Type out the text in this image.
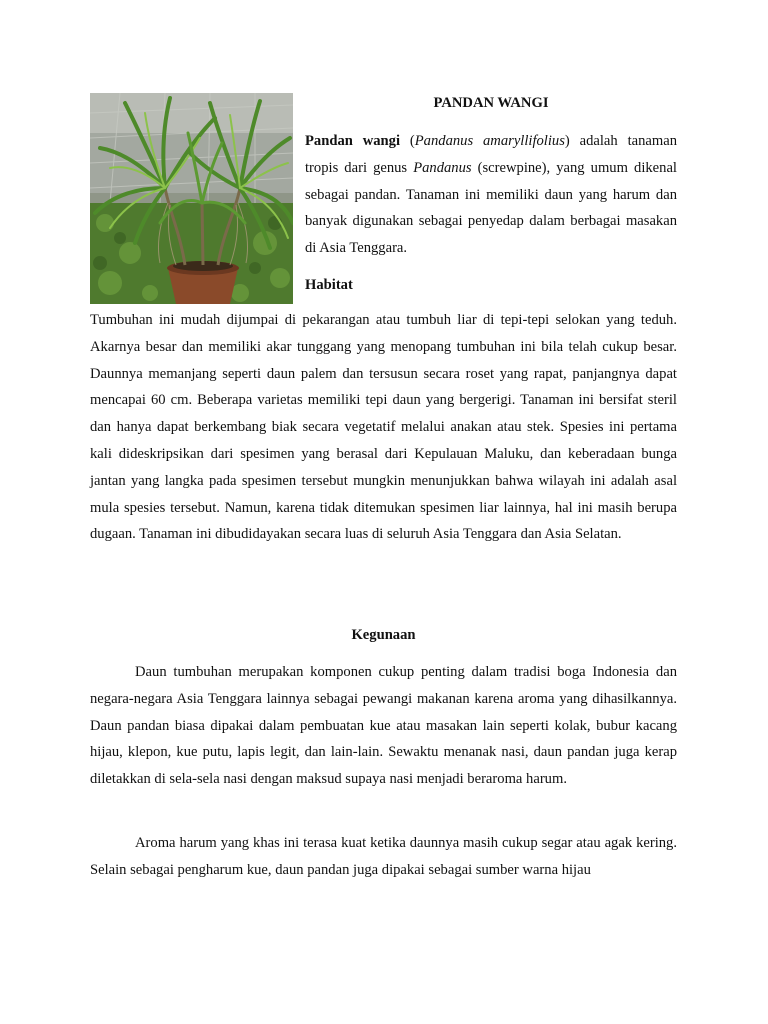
PANDAN WANGI

Pandan wangi (Pandanus amaryllifolius) adalah tanaman tropis dari genus Pandanus (screwpine), yang umum dikenal sebagai pandan. Tanaman ini memiliki daun yang harum dan banyak digunakan sebagai penyedap dalam berbagai masakan di Asia Tenggara.

Habitat

Tumbuhan ini mudah dijumpai di pekarangan atau tumbuh liar di tepi-tepi selokan yang teduh. Akarnya besar dan memiliki akar tunggang yang menopang tumbuhan ini bila telah cukup besar. Daunnya memanjang seperti daun palem dan tersusun secara roset yang rapat, panjangnya dapat mencapai 60 cm. Beberapa varietas memiliki tepi daun yang bergerigi. Tanaman ini bersifat steril dan hanya dapat berkembang biak secara vegetatif melalui anakan atau stek. Spesies ini pertama kali dideskripsikan dari spesimen yang berasal dari Kepulauan Maluku, dan keberadaan bunga jantan yang langka pada spesimen tersebut mungkin menunjukkan bahwa wilayah ini adalah asal mula spesies tersebut. Namun, karena tidak ditemukan spesimen liar lainnya, hal ini masih berupa dugaan. Tanaman ini dibudidayakan secara luas di seluruh Asia Tenggara dan Asia Selatan.

Kegunaan

Daun tumbuhan merupakan komponen cukup penting dalam tradisi boga Indonesia dan negara-negara Asia Tenggara lainnya sebagai pewangi makanan karena aroma yang dihasilkannya. Daun pandan biasa dipakai dalam pembuatan kue atau masakan lain seperti kolak, bubur kacang hijau, klepon, kue putu, lapis legit, dan lain-lain. Sewaktu menanak nasi, daun pandan juga kerap diletakkan di sela-sela nasi dengan maksud supaya nasi menjadi beraroma harum.

Aroma harum yang khas ini terasa kuat ketika daunnya masih cukup segar atau agak kering. Selain sebagai pengharum kue, daun pandan juga dipakai sebagai sumber warna hijau
